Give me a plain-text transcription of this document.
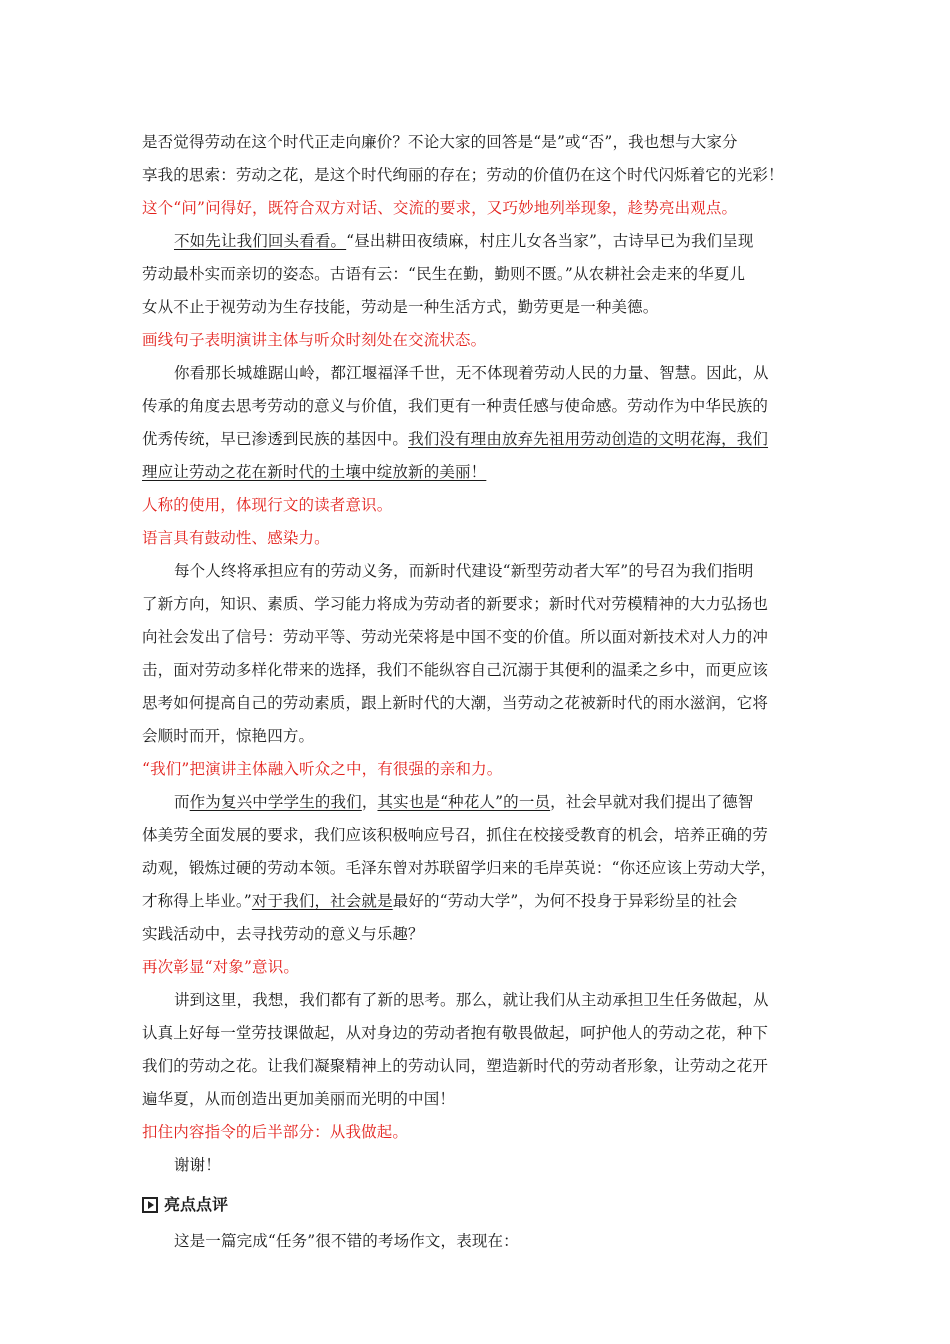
是否觉得劳动在这个时代正走向廉价？不论大家的回答是“是”或“否”，我也想与大家分
享我的思索：劳动之花，是这个时代绚丽的存在；劳动的价值仍在这个时代闪烁着它的光彩！
这个“问”问得好，既符合双方对话、交流的要求，又巧妙地列举现象，趁势亮出观点。
不如先让我们回头看看。“昼出耕田夜绩麻，村庄儿女各当家”，古诗早已为我们呈现
劳动最朴实而亲切的姿态。古语有云：“民生在勤，勤则不匮。”从农耕社会走来的华夏儿
女从不止于视劳动为生存技能，劳动是一种生活方式，勤劳更是一种美德。
画线句子表明演讲主体与听众时刻处在交流状态。
你看那长城雄踞山岭，都江堰福泽千世，无不体现着劳动人民的力量、智慧。因此，从
传承的角度去思考劳动的意义与价值，我们更有一种责任感与使命感。劳动作为中华民族的
优秀传统，早已渗透到民族的基因中。我们没有理由放弃先祖用劳动创造的文明花海，我们
理应让劳动之花在新时代的土壤中绽放新的美丽！
人称的使用，体现行文的读者意识。
语言具有鼓动性、感染力。
每个人终将承担应有的劳动义务，而新时代建设“新型劳动者大军”的号召为我们指明
了新方向，知识、素质、学习能力将成为劳动者的新要求；新时代对劳模精神的大力弘扬也
向社会发出了信号：劳动平等、劳动光荣将是中国不变的价值。所以面对新技术对人力的冲
击，面对劳动多样化带来的选择，我们不能纵容自己沉溺于其便利的温柔之乡中，而更应该
思考如何提高自己的劳动素质，跟上新时代的大潮，当劳动之花被新时代的雨水滋润，它将
会顺时而开，惊艳四方。
“我们”把演讲主体融入听众之中，有很强的亲和力。
而作为复兴中学学生的我们，其实也是“种花人”的一员，社会早就对我们提出了德智
体美劳全面发展的要求，我们应该积极响应号召，抓住在校接受教育的机会，培养正确的劳
动观，锻炼过硬的劳动本领。毛泽东曾对苏联留学归来的毛岸英说：“你还应该上劳动大学，
才称得上毕业。”对于我们，社会就是最好的“劳动大学”，为何不投身于异彩纷呈的社会
实践活动中，去寻找劳动的意义与乐趣？
再次彰显“对象”意识。
讲到这里，我想，我们都有了新的思考。那么，就让我们从主动承担卫生任务做起，从
认真上好每一堂劳技课做起，从对身边的劳动者抱有敬畏做起，呵护他人的劳动之花，种下
我们的劳动之花。让我们凝聚精神上的劳动认同，塑造新时代的劳动者形象，让劳动之花开
遍华夏，从而创造出更加美丽而光明的中国！
扣住内容指令的后半部分：从我做起。
谢谢！
亮点点评
这是一篇完成“任务”很不错的考场作文，表现在：
